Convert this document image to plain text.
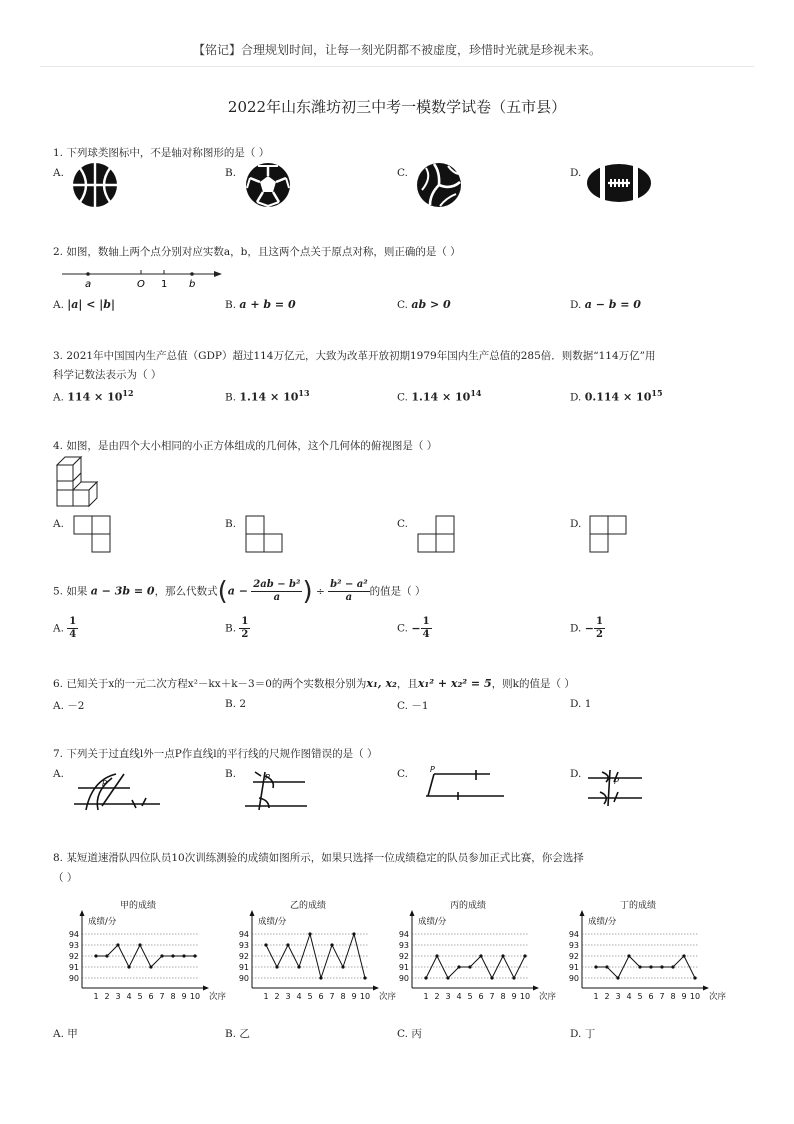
【铭记】合理规划时间，让每一刻光阴都不被虚度，珍惜时光就是珍视未来。
2022年山东潍坊初三中考一模数学试卷（五市县）
1. 下列球类图标中，不是轴对称图形的是（ ）
A.	B.	C.	D.
2. 如图，数轴上两个点分别对应实数a，b，且这两个点关于原点对称，则正确的是（ ）
a	O 1 b
A. |a| < |b|	B. a + b = 0	C. ab > 0	D. a − b = 0
3. 2021年中国国内生产总值（GDP）超过114万亿元，大致为改革开放初期1979年国内生产总值的285倍．则数据“114万亿”用
科学记数法表示为（ ）
A. $114 \times 10^{12}$	B. $1.14 \times 10^{13}$	C. $1.14 \times 10^{14}$	D. $0.114 \times 10^{15}$
4. 如图，是由四个大小相同的小正方体组成的几何体，这个几何体的俯视图是（ ）
A.	B.	C.	D.
5. 如果 a − 3b = 0，那么代数式($a - \frac{\text{2ab − b²}}{a}$ ) ÷ $\frac{\text{b² − a²}}{a}$ 的值是（ ）
A. $\frac{1}{4}$	B. $\frac{1}{2}$	C. − $\frac{1}{4}$	D. − $\frac{1}{2}$
6. 已知关于x的一元二次方程x²－kx＋k－3＝0的两个实数根分别为x₁, x₂，且x₁² + x₂² = 5，则k的值是（ ）
A. －2	B. 2	C. －1	D. 1
7. 下列关于过直线l外一点P作直线l的平行线的尺规作图错误的是（ ）
A.	B.	C.	D.
P
P
P
P
8. 某短道速滑队四位队员10次训练测验的成绩如图所示，如果只选择一位成绩稳定的队员参加正式比赛，你会选择
（ ）
甲的成绩
成绩/分
90
91
92
93
94
1 2 3 4 5 6 7 8 9 10 次序
乙的成绩
成绩/分
90
91
92
93
94
1 2 3 4 5 6 7 8 9 10 次序
丙的成绩
成绩/分
90
91
92
93
94
1 2 3 4 5 6 7 8 9 10 次序
丁的成绩
成绩/分
90
91
92
93
94
1 2 3 4 5 6 7 8 9 10 次序
A. 甲	B. 乙	C. 丙	D. 丁
